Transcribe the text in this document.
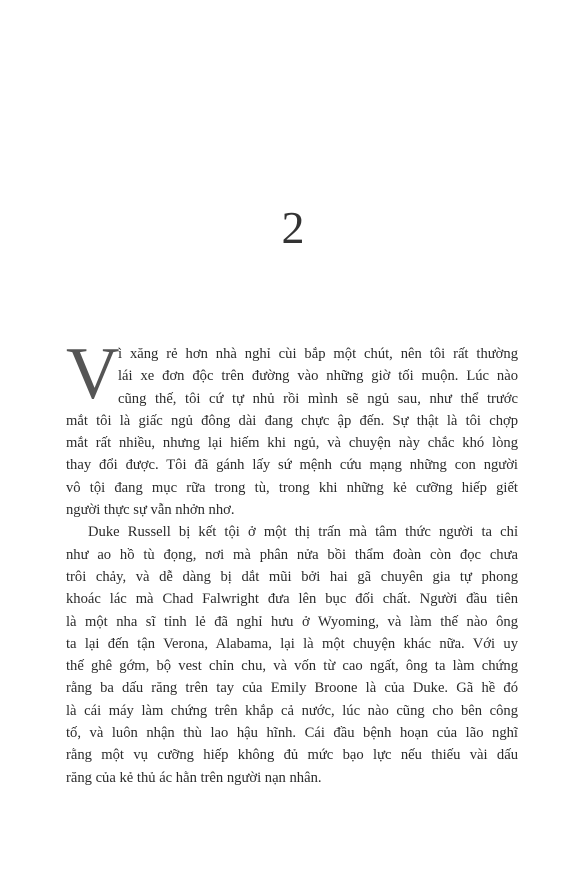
2
V
ì xăng rẻ hơn nhà nghỉ cùi bắp một chút, nên tôi rất thường
lái xe đơn độc trên đường vào những giờ tối muộn. Lúc nào
cũng thế, tôi cứ tự nhủ rồi mình sẽ ngủ sau, như thể trước
mắt tôi là giấc ngủ đông dài đang chực ập đến. Sự thật là tôi chợp
mắt rất nhiều, nhưng lại hiếm khi ngủ, và chuyện này chắc khó lòng
thay đổi được. Tôi đã gánh lấy sứ mệnh cứu mạng những con người
vô tội đang mục rữa trong tù, trong khi những kẻ cưỡng hiếp giết
người thực sự vẫn nhởn nhơ.
Duke Russell bị kết tội ở một thị trấn mà tâm thức người ta chỉ
như ao hồ tù đọng, nơi mà phân nửa bồi thẩm đoàn còn đọc chưa
trôi chảy, và dễ dàng bị dắt mũi bởi hai gã chuyên gia tự phong
khoác lác mà Chad Falwright đưa lên bục đối chất. Người đầu tiên
là một nha sĩ tỉnh lẻ đã nghỉ hưu ở Wyoming, và làm thế nào ông
ta lại đến tận Verona, Alabama, lại là một chuyện khác nữa. Với uy
thế ghê gớm, bộ vest chỉn chu, và vốn từ cao ngất, ông ta làm chứng
rằng ba dấu răng trên tay của Emily Broone là của Duke. Gã hề đó
là cái máy làm chứng trên khắp cả nước, lúc nào cũng cho bên công
tố, và luôn nhận thù lao hậu hĩnh. Cái đầu bệnh hoạn của lão nghĩ
rằng một vụ cưỡng hiếp không đủ mức bạo lực nếu thiếu vài dấu
răng của kẻ thủ ác hằn trên người nạn nhân.
